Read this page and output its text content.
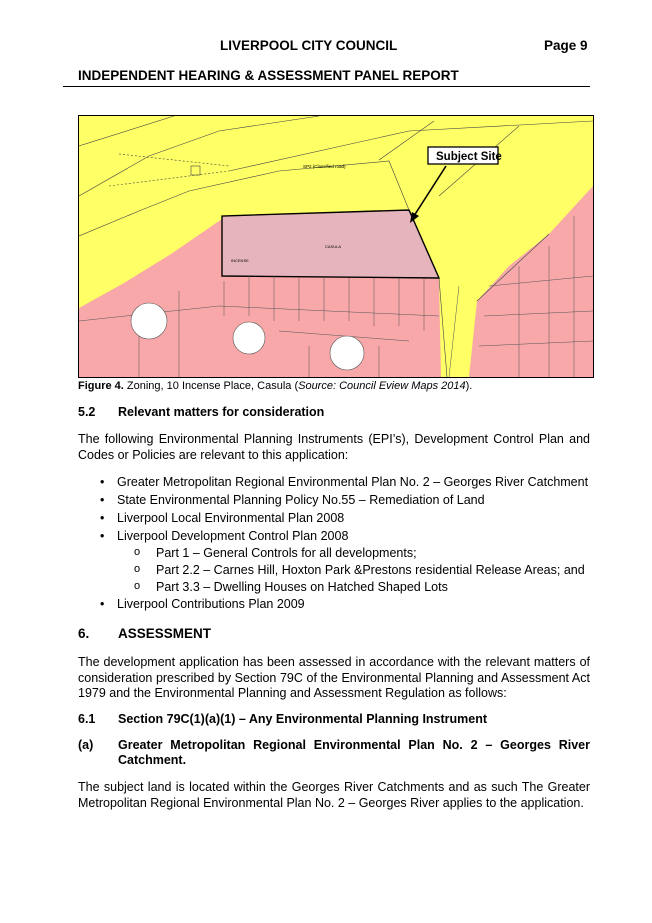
LIVERPOOL CITY COUNCIL	Page 9
INDEPENDENT HEARING & ASSESSMENT PANEL REPORT
Subject Site
SP2 (Classified road)
CASULA
INCENSE
Figure 4. Zoning, 10 Incense Place, Casula (Source: Council Eview Maps 2014).
5.2 Relevant matters for consideration
The following Environmental Planning Instruments (EPI’s), Development Control Plan and Codes or Policies are relevant to this application:
• Greater Metropolitan Regional Environmental Plan No. 2 – Georges River Catchment
• State Environmental Planning Policy No.55 – Remediation of Land
• Liverpool Local Environmental Plan 2008
• Liverpool Development Control Plan 2008
o Part 1 – General Controls for all developments;
o Part 2.2 – Carnes Hill, Hoxton Park &Prestons residential Release Areas; and
o Part 3.3 – Dwelling Houses on Hatched Shaped Lots
• Liverpool Contributions Plan 2009
6. ASSESSMENT
The development application has been assessed in accordance with the relevant matters of consideration prescribed by Section 79C of the Environmental Planning and Assessment Act 1979 and the Environmental Planning and Assessment Regulation as follows:
6.1 Section 79C(1)(a)(1) – Any Environmental Planning Instrument
(a) Greater Metropolitan Regional Environmental Plan No. 2 – Georges River Catchment.
The subject land is located within the Georges River Catchments and as such The Greater Metropolitan Regional Environmental Plan No. 2 – Georges River applies to the application.
